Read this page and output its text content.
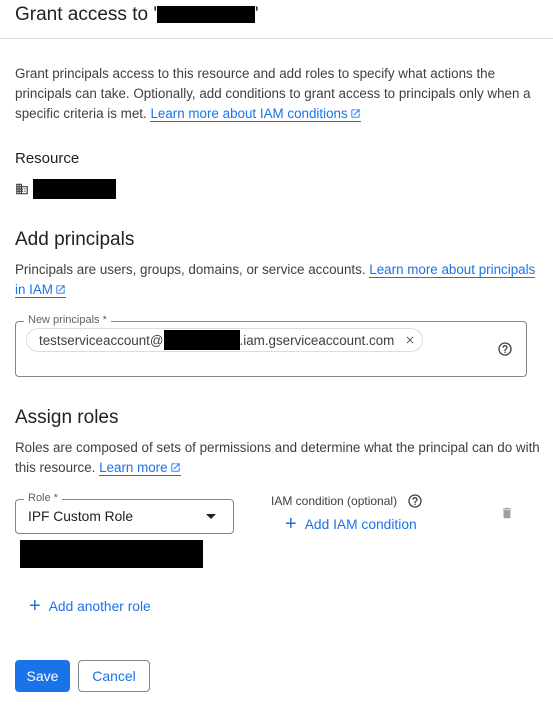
Grant access to '	'
Grant principals access to this resource and add roles to specify what actions the principals can take. Optionally, add conditions to grant access to principals only when a specific criteria is met. Learn more about IAM conditions
Resource
Add principals
Principals are users, groups, domains, or service accounts. Learn more about principals in IAM
New principals *
testserviceaccount@	.iam.gserviceaccount.com
Assign roles
Roles are composed of sets of permissions and determine what the principal can do with this resource. Learn more
Role *
IPF Custom Role
IAM condition (optional)
+ Add IAM condition
+ Add another role
Save	Cancel
